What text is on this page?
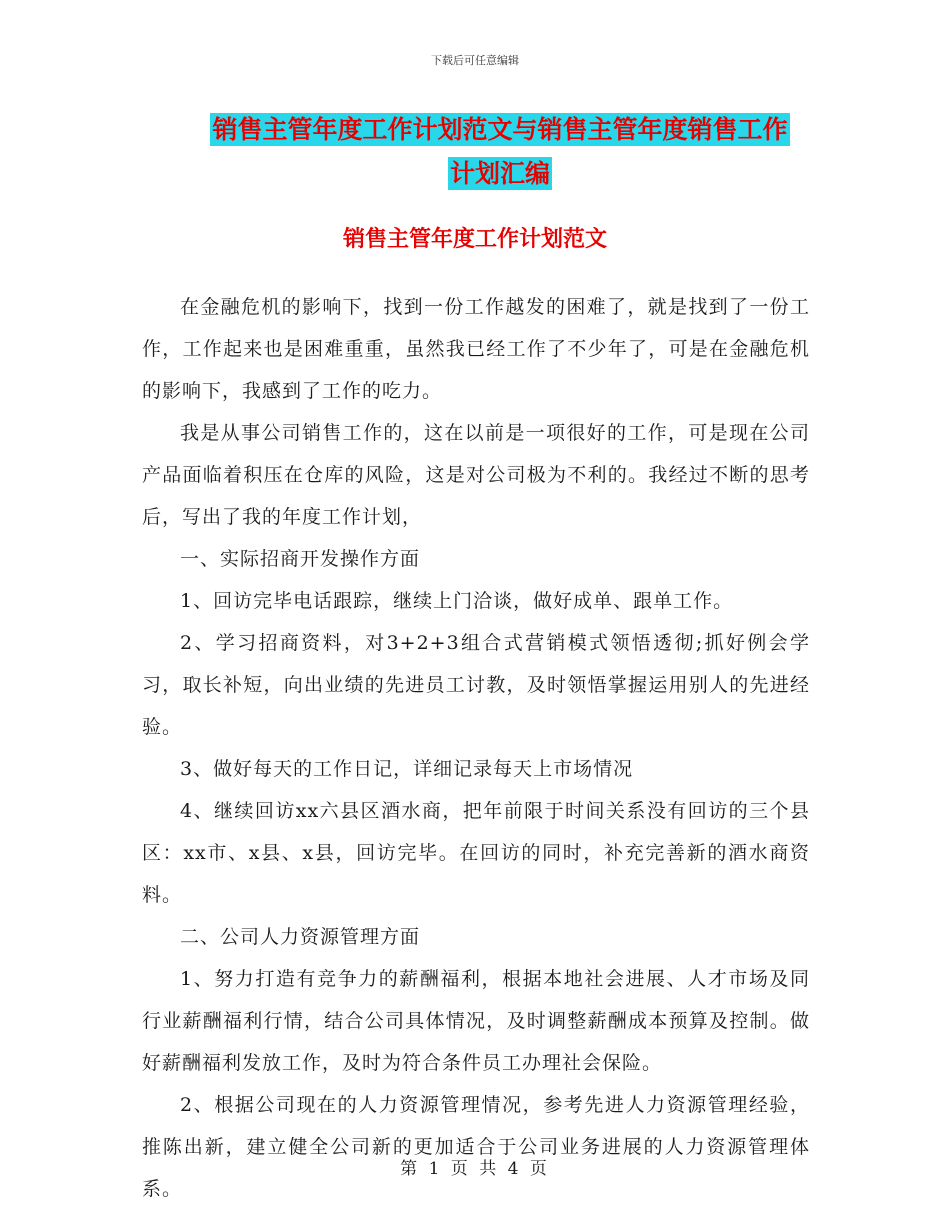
下载后可任意编辑
销售主管年度工作计划范文与销售主管年度销售工作
计划汇编
销售主管年度工作计划范文

在金融危机的影响下，找到一份工作越发的困难了，就是找到了一份工作，工作起来也是困难重重，虽然我已经工作了不少年了，可是在金融危机的影响下，我感到了工作的吃力。

我是从事公司销售工作的，这在以前是一项很好的工作，可是现在公司产品面临着积压在仓库的风险，这是对公司极为不利的。我经过不断的思考后，写出了我的年度工作计划，

一、实际招商开发操作方面

1、回访完毕电话跟踪，继续上门洽谈，做好成单、跟单工作。

2、学习招商资料，对3+2+3组合式营销模式领悟透彻;抓好例会学习，取长补短，向出业绩的先进员工讨教，及时领悟掌握运用别人的先进经验。

3、做好每天的工作日记，详细记录每天上市场情况

4、继续回访xx六县区酒水商，把年前限于时间关系没有回访的三个县区：xx市、x县、x县，回访完毕。在回访的同时，补充完善新的酒水商资料。

二、公司人力资源管理方面

1、努力打造有竞争力的薪酬福利，根据本地社会进展、人才市场及同行业薪酬福利行情，结合公司具体情况，及时调整薪酬成本预算及控制。做好薪酬福利发放工作，及时为符合条件员工办理社会保险。

2、根据公司现在的人力资源管理情况，参考先进人力资源管理经验，推陈出新，建立健全公司新的更加适合于公司业务进展的人力资源管理体系。

第 1 页 共 4 页
